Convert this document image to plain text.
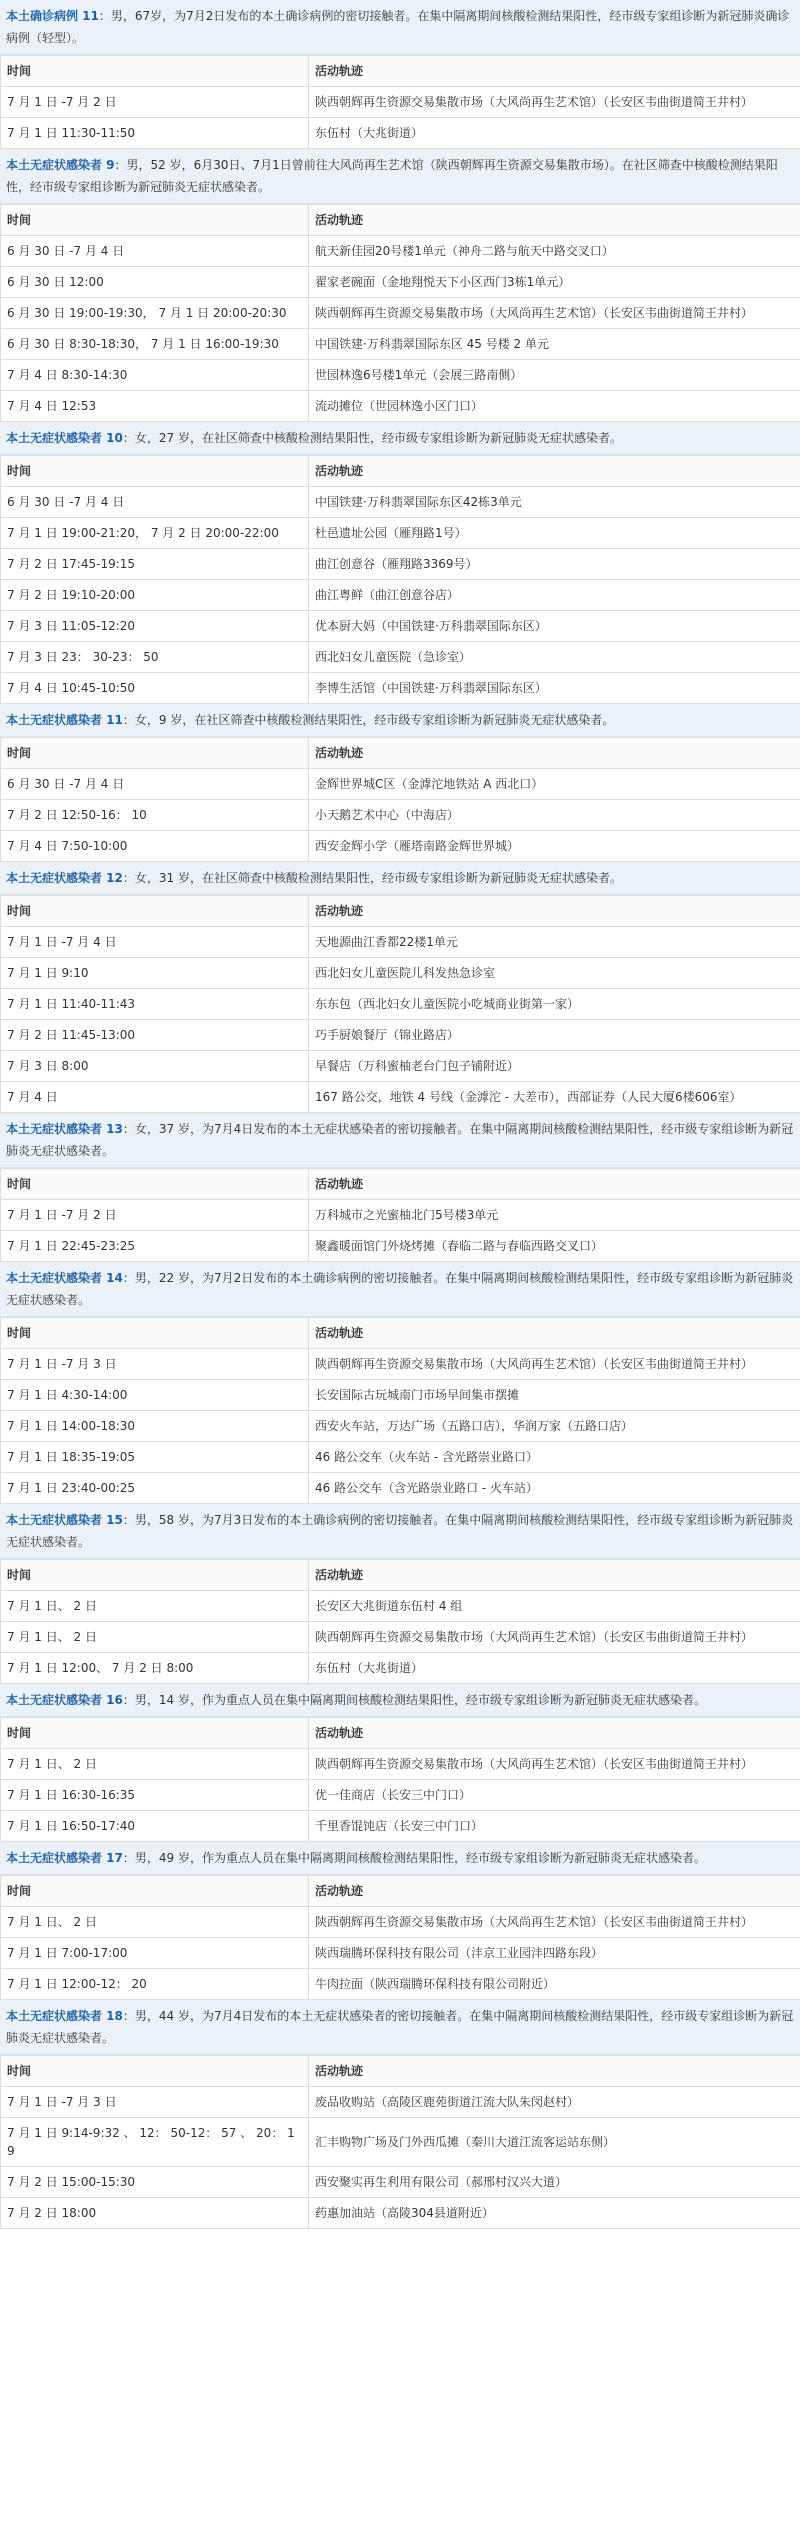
本土确诊病例 11：男，67岁，为7月2日发布的本土确诊病例的密切接触者。在集中隔离期间核酸检测结果阳性，经市级专家组诊断为新冠肺炎确诊病例（轻型）。
时间	活动轨迹
7 月 1 日 -7 月 2 日	陕西朝辉再生资源交易集散市场（大风尚再生艺术馆）（长安区韦曲街道简王井村）
7 月 1 日 11:30-11:50	东伍村（大兆街道）
本土无症状感染者 9：男，52 岁，6月30日、7月1日曾前往大风尚再生艺术馆（陕西朝辉再生资源交易集散市场）。在社区筛查中核酸检测结果阳性，经市级专家组诊断为新冠肺炎无症状感染者。
时间	活动轨迹
6 月 30 日 -7 月 4 日	航天新佳园20号楼1单元（神舟二路与航天中路交叉口）
6 月 30 日 12:00	翟家老碗面（金地翔悦天下小区西门3栋1单元）
6 月 30 日 19:00-19:30， 7 月 1 日 20:00-20:30	陕西朝辉再生资源交易集散市场（大风尚再生艺术馆）（长安区韦曲街道简王井村）
6 月 30 日 8:30-18:30， 7 月 1 日 16:00-19:30	中国铁建·万科翡翠国际东区 45 号楼 2 单元
7 月 4 日 8:30-14:30	世园林逸6号楼1单元（会展三路南侧）
7 月 4 日 12:53	流动摊位（世园林逸小区门口）
本土无症状感染者 10：女，27 岁，在社区筛查中核酸检测结果阳性，经市级专家组诊断为新冠肺炎无症状感染者。
时间	活动轨迹
6 月 30 日 -7 月 4 日	中国铁建·万科翡翠国际东区42栋3单元
7 月 1 日 19:00-21:20， 7 月 2 日 20:00-22:00	杜邑遗址公园（雁翔路1号）
7 月 2 日 17:45-19:15	曲江创意谷（雁翔路3369号）
7 月 2 日 19:10-20:00	曲江粤鲜（曲江创意谷店）
7 月 3 日 11:05-12:20	优本厨大妈（中国铁建·万科翡翠国际东区）
7 月 3 日 23： 30-23： 50	西北妇女儿童医院（急诊室）
7 月 4 日 10:45-10:50	李博生活馆（中国铁建·万科翡翠国际东区）
本土无症状感染者 11：女，9 岁，在社区筛查中核酸检测结果阳性，经市级专家组诊断为新冠肺炎无症状感染者。
时间	活动轨迹
6 月 30 日 -7 月 4 日	金辉世界城C区（金滹沱地铁站 A 西北口）
7 月 2 日 12:50-16： 10	小天鹅艺术中心（中海店）
7 月 4 日 7:50-10:00	西安金辉小学（雁塔南路金辉世界城）
本土无症状感染者 12：女，31 岁，在社区筛查中核酸检测结果阳性，经市级专家组诊断为新冠肺炎无症状感染者。
时间	活动轨迹
7 月 1 日 -7 月 4 日	天地源曲江香都22楼1单元
7 月 1 日 9:10	西北妇女儿童医院儿科发热急诊室
7 月 1 日 11:40-11:43	东东包（西北妇女儿童医院小吃城商业街第一家）
7 月 2 日 11:45-13:00	巧手厨娘餐厅（锦业路店）
7 月 3 日 8:00	早餐店（万科蜜柚老台门包子铺附近）
7 月 4 日	167 路公交，地铁 4 号线（金滹沱 - 大差市），西部证券（人民大厦6楼606室）
本土无症状感染者 13：女，37 岁，为7月4日发布的本土无症状感染者的密切接触者。在集中隔离期间核酸检测结果阳性，经市级专家组诊断为新冠肺炎无症状感染者。
时间	活动轨迹
7 月 1 日 -7 月 2 日	万科城市之光蜜柚北门5号楼3单元
7 月 1 日 22:45-23:25	聚鑫暖面馆门外烧烤摊（春临二路与春临西路交叉口）
本土无症状感染者 14：男，22 岁，为7月2日发布的本土确诊病例的密切接触者。在集中隔离期间核酸检测结果阳性，经市级专家组诊断为新冠肺炎无症状感染者。
时间	活动轨迹
7 月 1 日 -7 月 3 日	陕西朝辉再生资源交易集散市场（大风尚再生艺术馆）（长安区韦曲街道简王井村）
7 月 1 日 4:30-14:00	长安国际古玩城南门市场早间集市摆摊
7 月 1 日 14:00-18:30	西安火车站，万达广场（五路口店），华润万家（五路口店）
7 月 1 日 18:35-19:05	46 路公交车（火车站 - 含光路崇业路口）
7 月 1 日 23:40-00:25	46 路公交车（含光路崇业路口 - 火车站）
本土无症状感染者 15：男，58 岁，为7月3日发布的本土确诊病例的密切接触者。在集中隔离期间核酸检测结果阳性，经市级专家组诊断为新冠肺炎无症状感染者。
时间	活动轨迹
7 月 1 日、 2 日	长安区大兆街道东伍村 4 组
7 月 1 日、 2 日	陕西朝辉再生资源交易集散市场（大风尚再生艺术馆）（长安区韦曲街道简王井村）
7 月 1 日 12:00、 7 月 2 日 8:00	东伍村（大兆街道）
本土无症状感染者 16：男，14 岁，作为重点人员在集中隔离期间核酸检测结果阳性，经市级专家组诊断为新冠肺炎无症状感染者。
时间	活动轨迹
7 月 1 日、 2 日	陕西朝辉再生资源交易集散市场（大风尚再生艺术馆）（长安区韦曲街道简王井村）
7 月 1 日 16:30-16:35	优一佳商店（长安三中门口）
7 月 1 日 16:50-17:40	千里香馄饨店（长安三中门口）
本土无症状感染者 17：男，49 岁，作为重点人员在集中隔离期间核酸检测结果阳性，经市级专家组诊断为新冠肺炎无症状感染者。
时间	活动轨迹
7 月 1 日、 2 日	陕西朝辉再生资源交易集散市场（大风尚再生艺术馆）（长安区韦曲街道简王井村）
7 月 1 日 7:00-17:00	陕西瑞腾环保科技有限公司（沣京工业园沣四路东段）
7 月 1 日 12:00-12： 20	牛肉拉面（陕西瑞腾环保科技有限公司附近）
本土无症状感染者 18：男，44 岁，为7月4日发布的本土无症状感染者的密切接触者。在集中隔离期间核酸检测结果阳性，经市级专家组诊断为新冠肺炎无症状感染者。
时间	活动轨迹
7 月 1 日 -7 月 3 日	废品收购站（高陵区鹿苑街道江流大队朱闵赵村）
7 月 1 日 9:14-9:32 、 12： 50-12： 57 、 20： 19	汇丰购物广场及门外西瓜摊（秦川大道江流客运站东侧）
7 月 2 日 15:00-15:30	西安聚实再生利用有限公司（郝邢村汉兴大道）
7 月 2 日 18:00	药惠加油站（高陵304县道附近）
